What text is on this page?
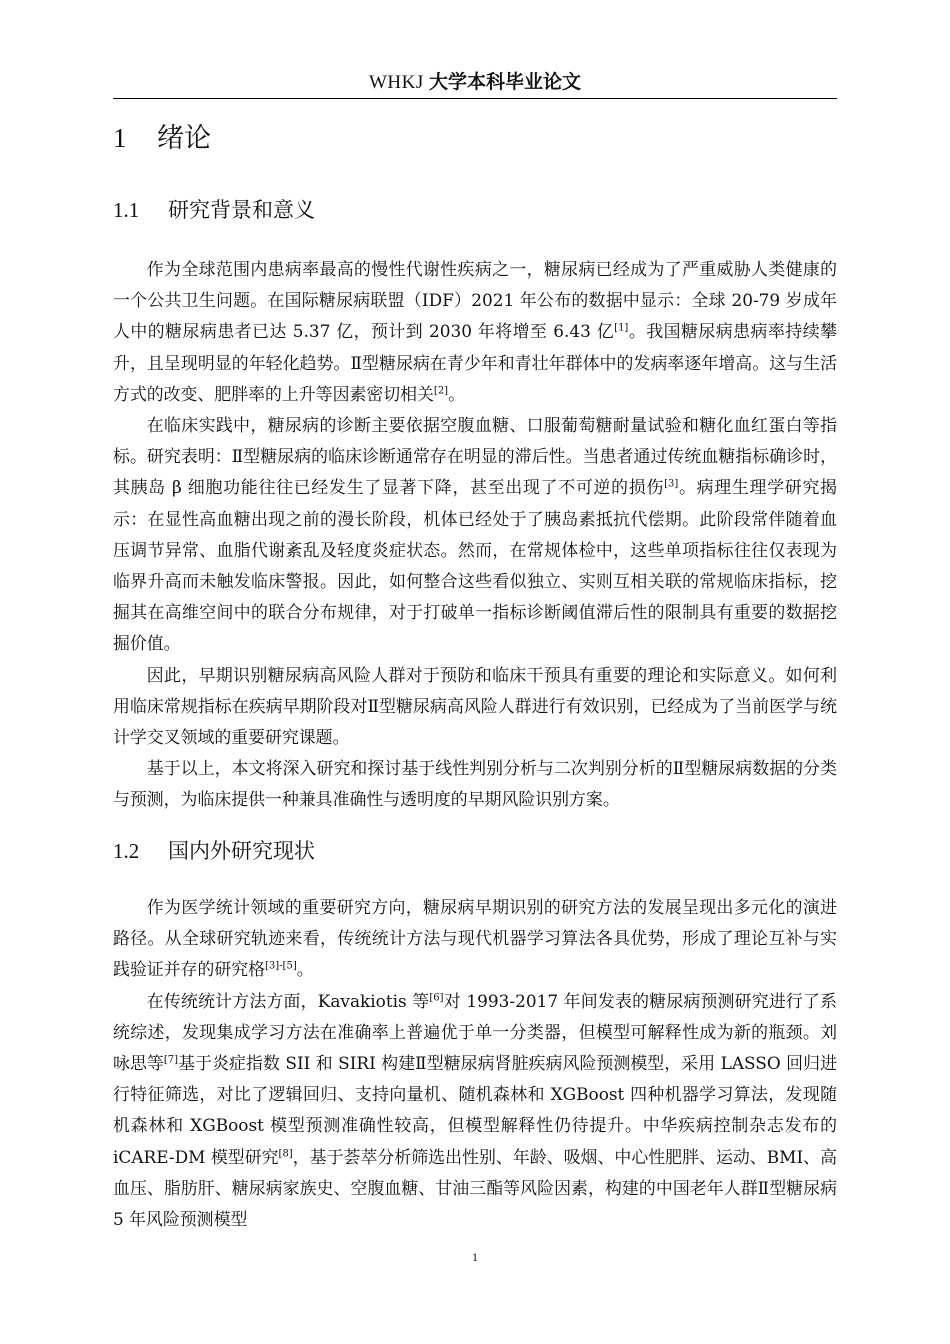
WHKJ 大学本科毕业论文
1 绪论
1.1 研究背景和意义

作为全球范围内患病率最高的慢性代谢性疾病之一，糖尿病已经成为了严重威胁人类健康的一个公共卫生问题。在国际糖尿病联盟（IDF）2021 年公布的数据中显示：全球 20-79 岁成年人中的糖尿病患者已达 5.37 亿，预计到 2030 年将增至 6.43 亿[1]。我国糖尿病患病率持续攀升，且呈现明显的年轻化趋势。Ⅱ型糖尿病在青少年和青壮年群体中的发病率逐年增高。这与生活方式的改变、肥胖率的上升等因素密切相关[2]。

在临床实践中，糖尿病的诊断主要依据空腹血糖、口服葡萄糖耐量试验和糖化血红蛋白等指标。研究表明：Ⅱ型糖尿病的临床诊断通常存在明显的滞后性。当患者通过传统血糖指标确诊时，其胰岛 β 细胞功能往往已经发生了显著下降，甚至出现了不可逆的损伤[3]。病理生理学研究揭示：在显性高血糖出现之前的漫长阶段，机体已经处于了胰岛素抵抗代偿期。此阶段常伴随着血压调节异常、血脂代谢紊乱及轻度炎症状态。然而，在常规体检中，这些单项指标往往仅表现为临界升高而未触发临床警报。因此，如何整合这些看似独立、实则互相关联的常规临床指标，挖掘其在高维空间中的联合分布规律，对于打破单一指标诊断阈值滞后性的限制具有重要的数据挖掘价值。

因此，早期识别糖尿病高风险人群对于预防和临床干预具有重要的理论和实际意义。如何利用临床常规指标在疾病早期阶段对Ⅱ型糖尿病高风险人群进行有效识别，已经成为了当前医学与统计学交叉领域的重要研究课题。

基于以上，本文将深入研究和探讨基于线性判别分析与二次判别分析的Ⅱ型糖尿病数据的分类与预测，为临床提供一种兼具准确性与透明度的早期风险识别方案。

1.2 国内外研究现状

作为医学统计领域的重要研究方向，糖尿病早期识别的研究方法的发展呈现出多元化的演进路径。从全球研究轨迹来看，传统统计方法与现代机器学习算法各具优势，形成了理论互补与实践验证并存的研究格[3]-[5]。

在传统统计方法方面，Kavakiotis 等[6]对 1993-2017 年间发表的糖尿病预测研究进行了系统综述，发现集成学习方法在准确率上普遍优于单一分类器，但模型可解释性成为新的瓶颈。刘咏思等[7]基于炎症指数 SII 和 SIRI 构建Ⅱ型糖尿病肾脏疾病风险预测模型，采用 LASSO 回归进行特征筛选，对比了逻辑回归、支持向量机、随机森林和 XGBoost 四种机器学习算法，发现随机森林和 XGBoost 模型预测准确性较高，但模型解释性仍待提升。中华疾病控制杂志发布的 iCARE-DM 模型研究[8]，基于荟萃分析筛选出性别、年龄、吸烟、中心性肥胖、运动、BMI、高血压、脂肪肝、糖尿病家族史、空腹血糖、甘油三酯等风险因素，构建的中国老年人群Ⅱ型糖尿病 5 年风险预测模型

1
